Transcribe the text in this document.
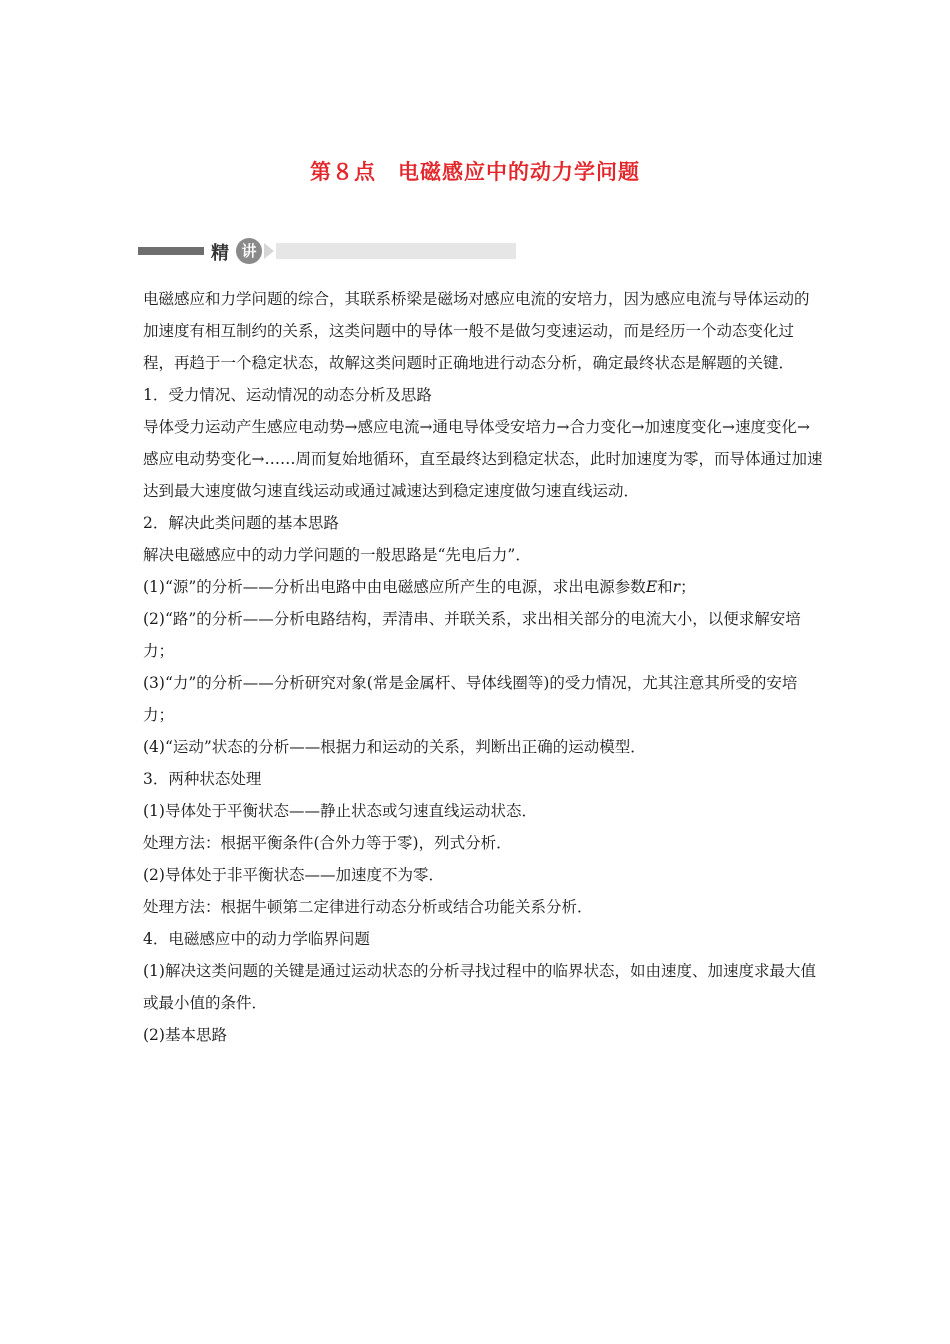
第８点　电磁感应中的动力学问题
精 讲

电磁感应和力学问题的综合，其联系桥梁是磁场对感应电流的安培力，因为感应电流与导体运动的加速度有相互制约的关系，这类问题中的导体一般不是做匀变速运动，而是经历一个动态变化过程，再趋于一个稳定状态，故解这类问题时正确地进行动态分析，确定最终状态是解题的关键．

1．受力情况、运动情况的动态分析及思路

导体受力运动产生感应电动势→感应电流→通电导体受安培力→合力变化→加速度变化→速度变化→感应电动势变化→……周而复始地循环，直至最终达到稳定状态，此时加速度为零，而导体通过加速达到最大速度做匀速直线运动或通过减速达到稳定速度做匀速直线运动．

2．解决此类问题的基本思路

解决电磁感应中的动力学问题的一般思路是“先电后力”．

(1)“源”的分析——分析出电路中由电磁感应所产生的电源，求出电源参数E和r；

(2)“路”的分析——分析电路结构，弄清串、并联关系，求出相关部分的电流大小，以便求解安培力；

(3)“力”的分析——分析研究对象(常是金属杆、导体线圈等)的受力情况，尤其注意其所受的安培力；

(4)“运动”状态的分析——根据力和运动的关系，判断出正确的运动模型．

3．两种状态处理

(1)导体处于平衡状态——静止状态或匀速直线运动状态．

处理方法：根据平衡条件(合外力等于零)，列式分析．

(2)导体处于非平衡状态——加速度不为零．

处理方法：根据牛顿第二定律进行动态分析或结合功能关系分析．

4．电磁感应中的动力学临界问题

(1)解决这类问题的关键是通过运动状态的分析寻找过程中的临界状态，如由速度、加速度求最大值或最小值的条件．

(2)基本思路
